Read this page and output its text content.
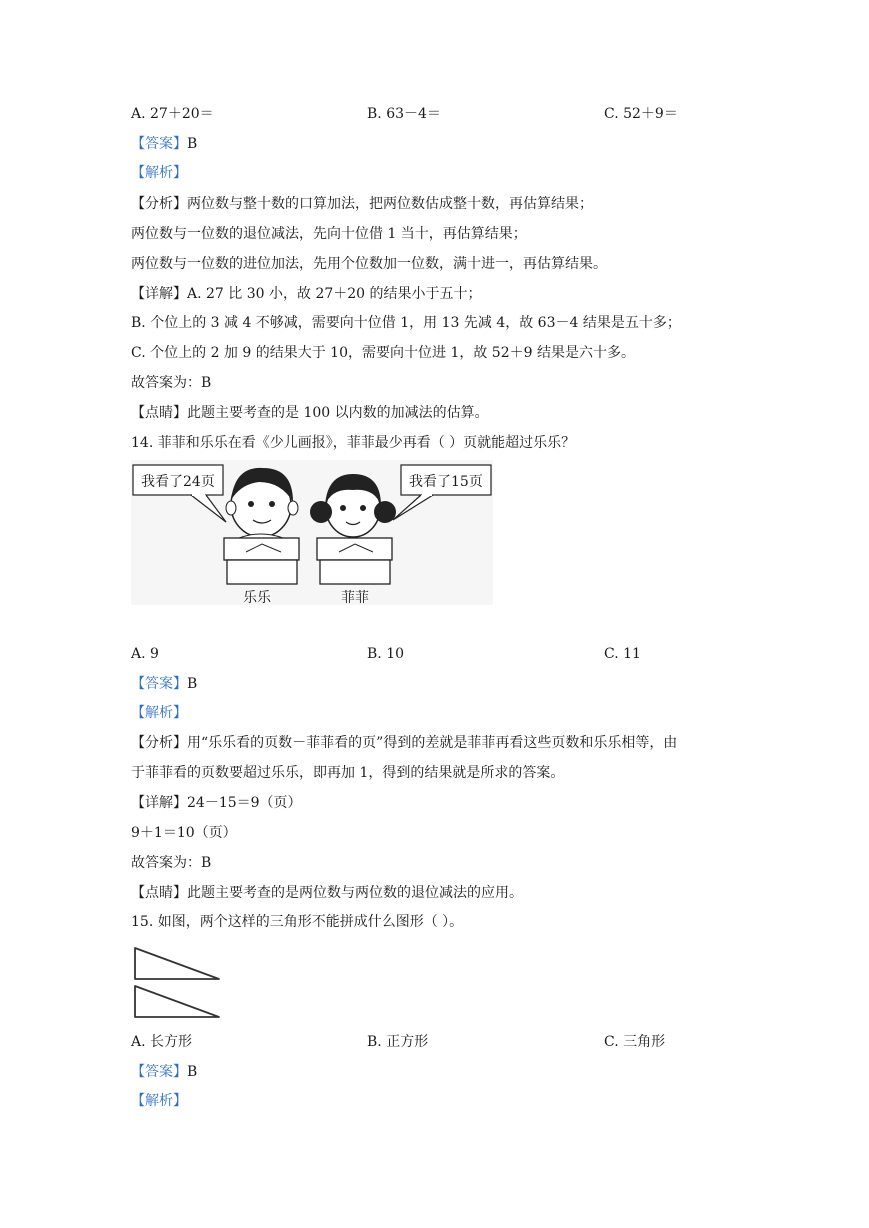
A. 27＋20＝	B. 63－4＝	C. 52＋9＝
【答案】B
【解析】
【分析】两位数与整十数的口算加法，把两位数估成整十数，再估算结果；
两位数与一位数的退位减法，先向十位借 1 当十，再估算结果；
两位数与一位数的进位加法，先用个位数加一位数，满十进一，再估算结果。
【详解】A. 27 比 30 小，故 27＋20 的结果小于五十；
B. 个位上的 3 减 4 不够减，需要向十位借 1，用 13 先减 4，故 63－4 结果是五十多；
C. 个位上的 2 加 9 的结果大于 10，需要向十位进 1，故 52＋9 结果是六十多。
故答案为：B
【点睛】此题主要考查的是 100 以内数的加减法的估算。
14. 菲菲和乐乐在看《少儿画报》，菲菲最少再看（ ）页就能超过乐乐？
我看了24页	我看了15页
乐乐	菲菲
A. 9	B. 10	C. 11
【答案】B
【解析】
【分析】用“乐乐看的页数－菲菲看的页”得到的差就是菲菲再看这些页数和乐乐相等，由
于菲菲看的页数要超过乐乐，即再加 1，得到的结果就是所求的答案。
【详解】24－15＝9（页）
9＋1＝10（页）
故答案为：B
【点睛】此题主要考查的是两位数与两位数的退位减法的应用。
15. 如图，两个这样的三角形不能拼成什么图形（ ）。
A. 长方形	B. 正方形	C. 三角形
【答案】B
【解析】
